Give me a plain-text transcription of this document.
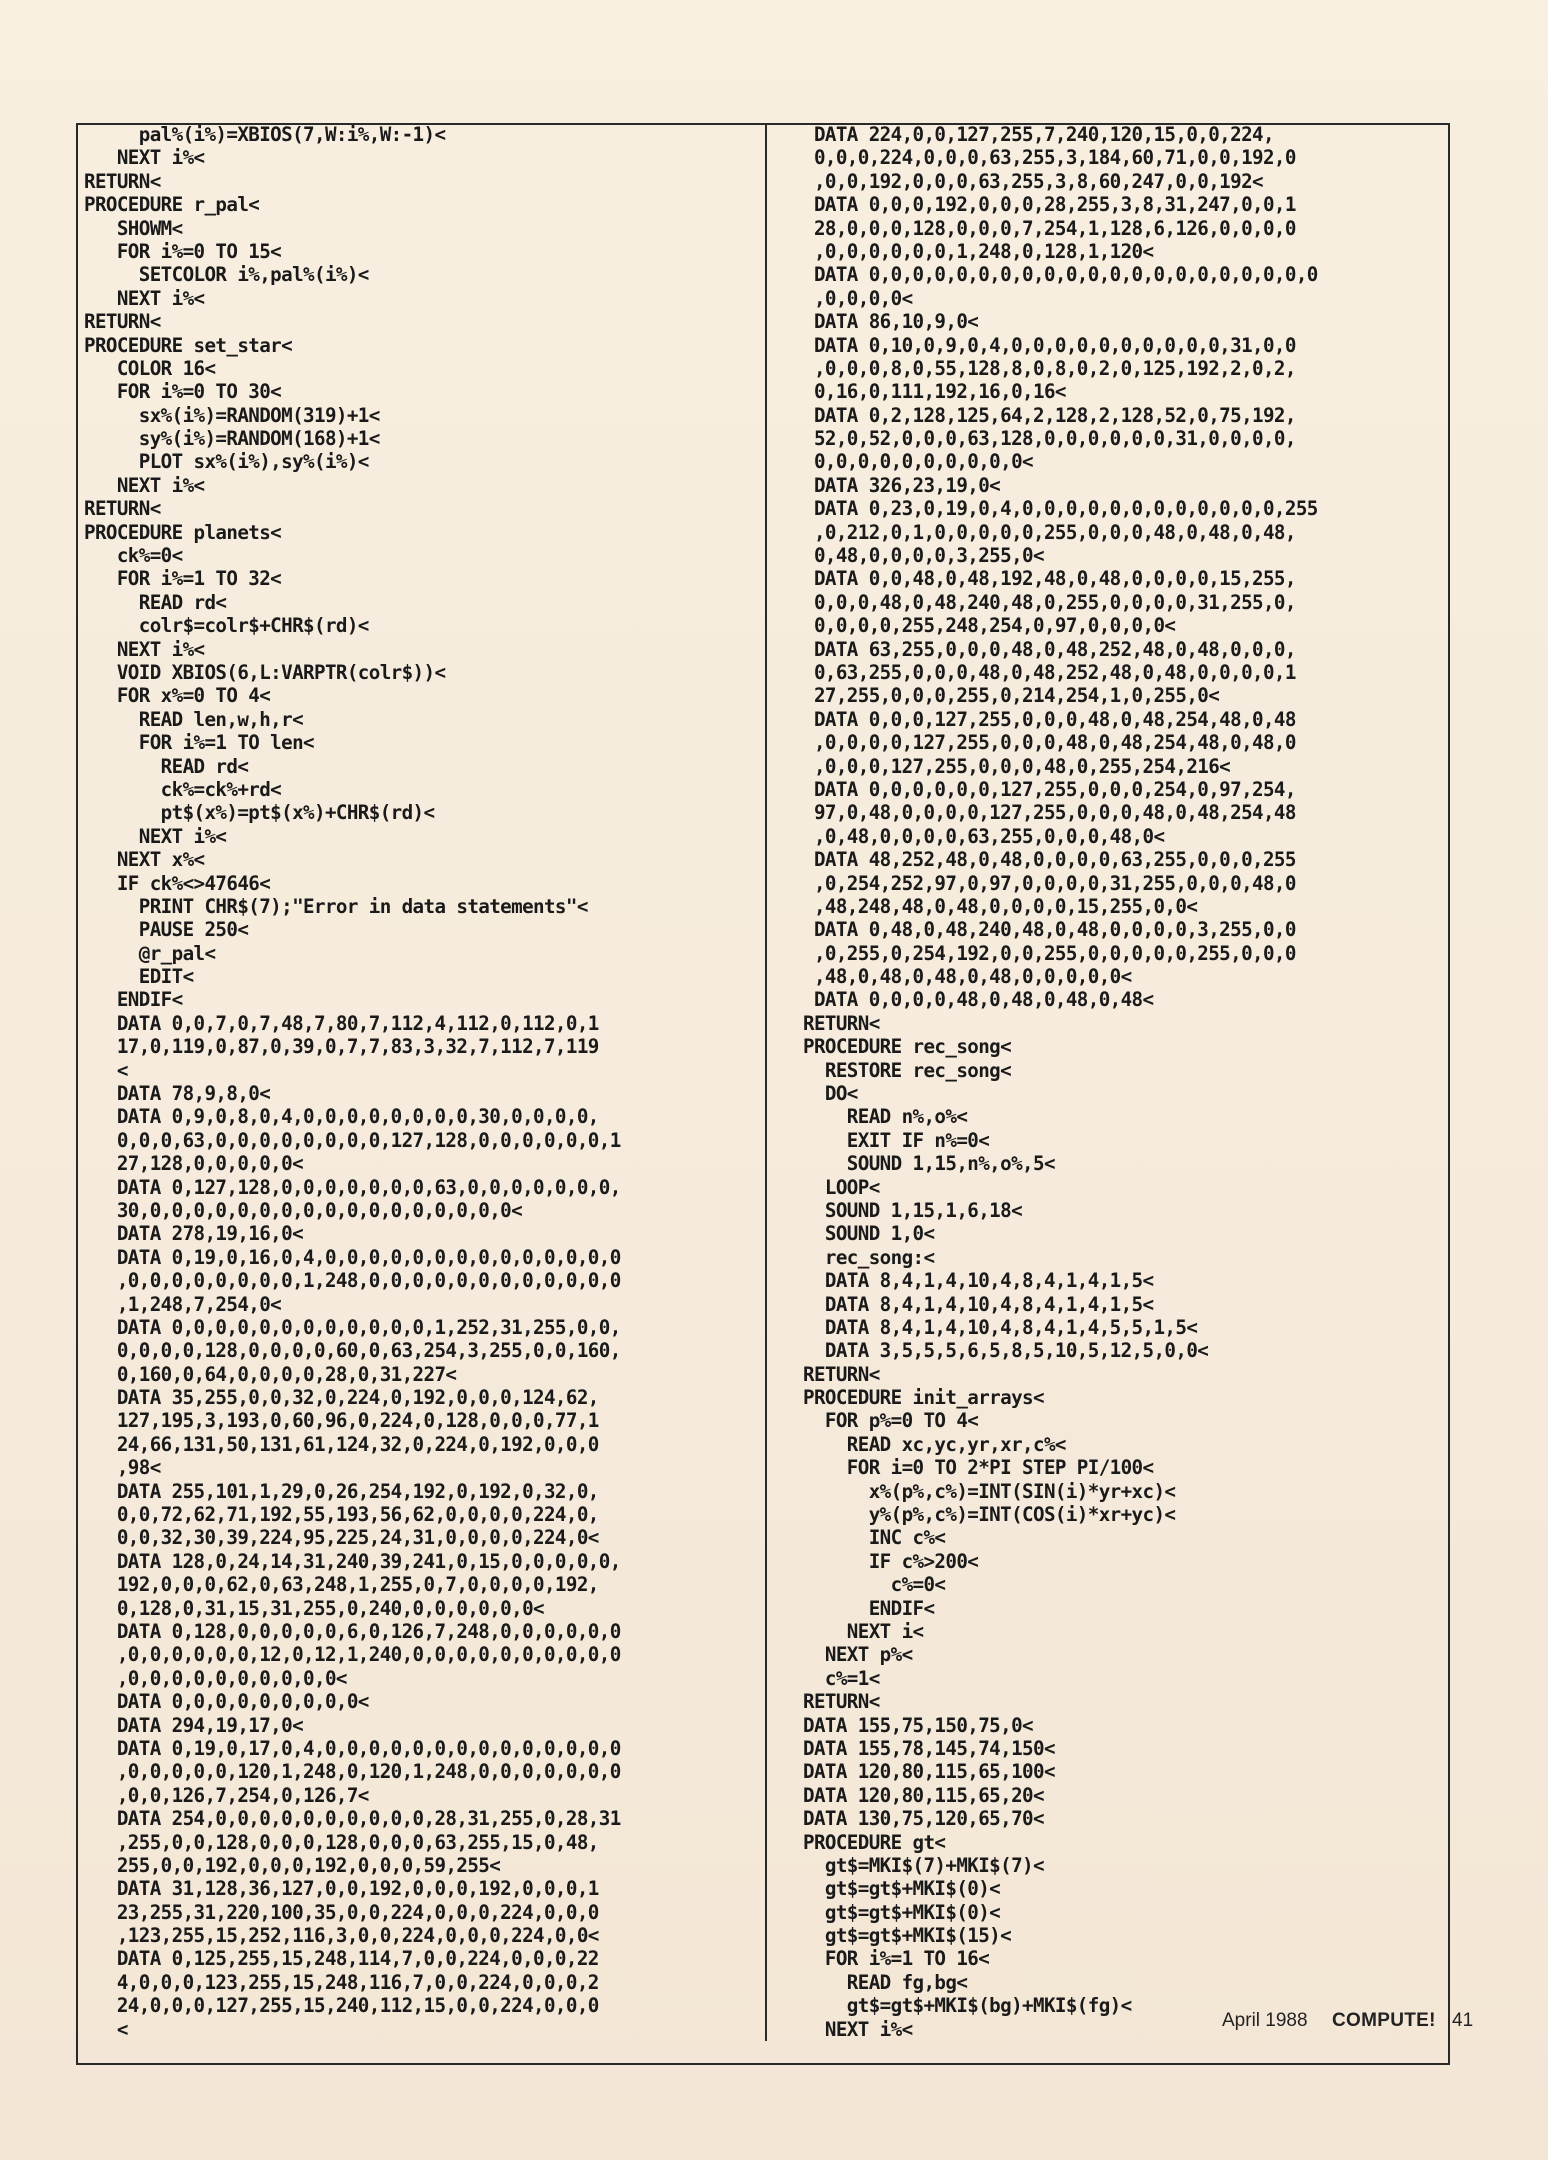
pal%(i%)=XBIOS(7,W:i%,W:-1)<
NEXT i%<
RETURN<
PROCEDURE r_pal<
SHOWM<
FOR i%=0 TO 15<
SETCOLOR i%,pal%(i%)<
NEXT i%<
RETURN<
PROCEDURE set_star<
COLOR 16<
FOR i%=0 TO 30<
sx%(i%)=RANDOM(319)+1<
sy%(i%)=RANDOM(168)+1<
PLOT sx%(i%),sy%(i%)<
NEXT i%<
RETURN<
PROCEDURE planets<
ck%=0<
FOR i%=1 TO 32<
READ rd<
colr$=colr$+CHR$(rd)<
NEXT i%<
VOID XBIOS(6,L:VARPTR(colr$))<
FOR x%=0 TO 4<
READ len,w,h,r<
FOR i%=1 TO len<
READ rd<
ck%=ck%+rd<
pt$(x%)=pt$(x%)+CHR$(rd)<
NEXT i%<
NEXT x%<
IF ck%<>47646<
PRINT CHR$(7);"Error in data statements"<
PAUSE 250<
@r_pal<
EDIT<
ENDIF<
DATA 0,0,7,0,7,48,7,80,7,112,4,112,0,112,0,1
17,0,119,0,87,0,39,0,7,7,83,3,32,7,112,7,119
<
DATA 78,9,8,0<
DATA 0,9,0,8,0,4,0,0,0,0,0,0,0,0,30,0,0,0,0,
0,0,0,63,0,0,0,0,0,0,0,0,127,128,0,0,0,0,0,0,1
27,128,0,0,0,0,0<
DATA 0,127,128,0,0,0,0,0,0,0,63,0,0,0,0,0,0,0,
30,0,0,0,0,0,0,0,0,0,0,0,0,0,0,0,0,0<
DATA 278,19,16,0<
DATA 0,19,0,16,0,4,0,0,0,0,0,0,0,0,0,0,0,0,0,0
,0,0,0,0,0,0,0,0,1,248,0,0,0,0,0,0,0,0,0,0,0,0
,1,248,7,254,0<
DATA 0,0,0,0,0,0,0,0,0,0,0,0,1,252,31,255,0,0,
0,0,0,0,128,0,0,0,0,60,0,63,254,3,255,0,0,160,
0,160,0,64,0,0,0,0,28,0,31,227<
DATA 35,255,0,0,32,0,224,0,192,0,0,0,124,62,
127,195,3,193,0,60,96,0,224,0,128,0,0,0,77,1
24,66,131,50,131,61,124,32,0,224,0,192,0,0,0
,98<
DATA 255,101,1,29,0,26,254,192,0,192,0,32,0,
0,0,72,62,71,192,55,193,56,62,0,0,0,0,224,0,
0,0,32,30,39,224,95,225,24,31,0,0,0,0,224,0<
DATA 128,0,24,14,31,240,39,241,0,15,0,0,0,0,0,
192,0,0,0,62,0,63,248,1,255,0,7,0,0,0,0,192,
0,128,0,31,15,31,255,0,240,0,0,0,0,0,0<
DATA 0,128,0,0,0,0,0,6,0,126,7,248,0,0,0,0,0,0
,0,0,0,0,0,0,12,0,12,1,240,0,0,0,0,0,0,0,0,0,0
,0,0,0,0,0,0,0,0,0,0<
DATA 0,0,0,0,0,0,0,0,0<
DATA 294,19,17,0<
DATA 0,19,0,17,0,4,0,0,0,0,0,0,0,0,0,0,0,0,0,0
,0,0,0,0,0,120,1,248,0,120,1,248,0,0,0,0,0,0,0
,0,0,126,7,254,0,126,7<
DATA 254,0,0,0,0,0,0,0,0,0,0,28,31,255,0,28,31
,255,0,0,128,0,0,0,128,0,0,0,63,255,15,0,48,
255,0,0,192,0,0,0,192,0,0,0,59,255<
DATA 31,128,36,127,0,0,192,0,0,0,192,0,0,0,1
23,255,31,220,100,35,0,0,224,0,0,0,224,0,0,0
,123,255,15,252,116,3,0,0,224,0,0,0,224,0,0<
DATA 0,125,255,15,248,114,7,0,0,224,0,0,0,22
4,0,0,0,123,255,15,248,116,7,0,0,224,0,0,0,2
24,0,0,0,127,255,15,240,112,15,0,0,224,0,0,0
<
DATA 224,0,0,127,255,7,240,120,15,0,0,224,
0,0,0,224,0,0,0,63,255,3,184,60,71,0,0,192,0
,0,0,192,0,0,0,63,255,3,8,60,247,0,0,192<
DATA 0,0,0,192,0,0,0,28,255,3,8,31,247,0,0,1
28,0,0,0,128,0,0,0,7,254,1,128,6,126,0,0,0,0
,0,0,0,0,0,0,1,248,0,128,1,120<
DATA 0,0,0,0,0,0,0,0,0,0,0,0,0,0,0,0,0,0,0,0,0
,0,0,0,0<
DATA 86,10,9,0<
DATA 0,10,0,9,0,4,0,0,0,0,0,0,0,0,0,0,31,0,0
,0,0,0,8,0,55,128,8,0,8,0,2,0,125,192,2,0,2,
0,16,0,111,192,16,0,16<
DATA 0,2,128,125,64,2,128,2,128,52,0,75,192,
52,0,52,0,0,0,63,128,0,0,0,0,0,0,31,0,0,0,0,
0,0,0,0,0,0,0,0,0,0<
DATA 326,23,19,0<
DATA 0,23,0,19,0,4,0,0,0,0,0,0,0,0,0,0,0,0,255
,0,212,0,1,0,0,0,0,0,255,0,0,0,48,0,48,0,48,
0,48,0,0,0,0,3,255,0<
DATA 0,0,48,0,48,192,48,0,48,0,0,0,0,15,255,
0,0,0,48,0,48,240,48,0,255,0,0,0,0,31,255,0,
0,0,0,0,255,248,254,0,97,0,0,0,0<
DATA 63,255,0,0,0,48,0,48,252,48,0,48,0,0,0,
0,63,255,0,0,0,48,0,48,252,48,0,48,0,0,0,0,1
27,255,0,0,0,255,0,214,254,1,0,255,0<
DATA 0,0,0,127,255,0,0,0,48,0,48,254,48,0,48
,0,0,0,0,127,255,0,0,0,48,0,48,254,48,0,48,0
,0,0,0,127,255,0,0,0,48,0,255,254,216<
DATA 0,0,0,0,0,0,127,255,0,0,0,254,0,97,254,
97,0,48,0,0,0,0,127,255,0,0,0,48,0,48,254,48
,0,48,0,0,0,0,63,255,0,0,0,48,0<
DATA 48,252,48,0,48,0,0,0,0,63,255,0,0,0,255
,0,254,252,97,0,97,0,0,0,0,31,255,0,0,0,48,0
,48,248,48,0,48,0,0,0,0,15,255,0,0<
DATA 0,48,0,48,240,48,0,48,0,0,0,0,3,255,0,0
,0,255,0,254,192,0,0,255,0,0,0,0,0,255,0,0,0
,48,0,48,0,48,0,48,0,0,0,0,0<
DATA 0,0,0,0,48,0,48,0,48,0,48<
RETURN<
PROCEDURE rec_song<
RESTORE rec_song<
DO<
READ n%,o%<
EXIT IF n%=0<
SOUND 1,15,n%,o%,5<
LOOP<
SOUND 1,15,1,6,18<
SOUND 1,0<
rec_song:<
DATA 8,4,1,4,10,4,8,4,1,4,1,5<
DATA 8,4,1,4,10,4,8,4,1,4,1,5<
DATA 8,4,1,4,10,4,8,4,1,4,5,5,1,5<
DATA 3,5,5,5,6,5,8,5,10,5,12,5,0,0<
RETURN<
PROCEDURE init_arrays<
FOR p%=0 TO 4<
READ xc,yc,yr,xr,c%<
FOR i=0 TO 2*PI STEP PI/100<
x%(p%,c%)=INT(SIN(i)*yr+xc)<
y%(p%,c%)=INT(COS(i)*xr+yc)<
INC c%<
IF c%>200<
c%=0<
ENDIF<
NEXT i<
NEXT p%<
c%=1<
RETURN<
DATA 155,75,150,75,0<
DATA 155,78,145,74,150<
DATA 120,80,115,65,100<
DATA 120,80,115,65,20<
DATA 130,75,120,65,70<
PROCEDURE gt<
gt$=MKI$(7)+MKI$(7)<
gt$=gt$+MKI$(0)<
gt$=gt$+MKI$(0)<
gt$=gt$+MKI$(15)<
FOR i%=1 TO 16<
READ fg,bg<
gt$=gt$+MKI$(bg)+MKI$(fg)<
NEXT i%<	April 1988 COMPUTE! 41
